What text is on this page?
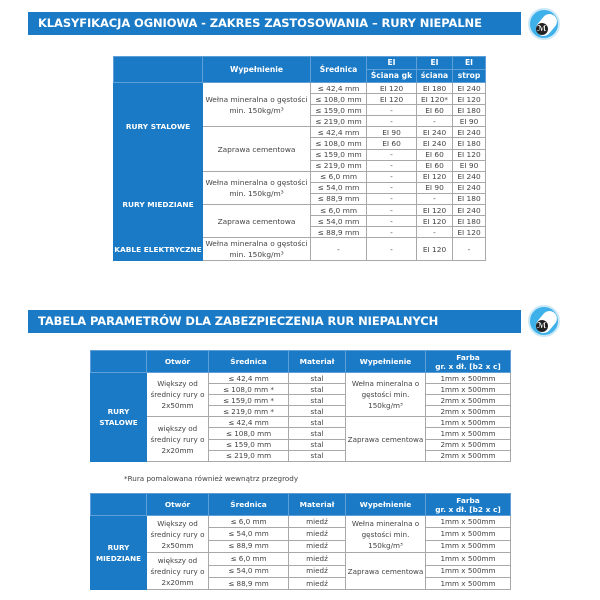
KLASYFIKACJA OGNIOWA - ZAKRES ZASTOSOWANIA – RURY NIEPALNE	ℳ
	Wypełnienie	Średnica	EI	EI	EI
			Ściana gk	ściana	strop
RURY STALOWE	Wełna mineralna o gęstości min. 150kg/m³	≤ 42,4 mm	EI 120	EI 180	EI 240
		≤ 108,0 mm	EI 120	EI 120*	EI 120
		≤ 159,0 mm	-	EI 60	EI 180
		≤ 219,0 mm	-	-	EI 90
	Zaprawa cementowa	≤ 42,4 mm	EI 90	EI 240	EI 240
		≤ 108,0 mm	EI 60	EI 240	EI 180
		≤ 159,0 mm	-	EI 60	EI 120
		≤ 219,0 mm	-	EI 60	EI 90
RURY MIEDZIANE	Wełna mineralna o gęstości min. 150kg/m³	≤ 6,0 mm	-	EI 120	EI 240
		≤ 54,0 mm	-	EI 90	EI 240
		≤ 88,9 mm	-	-	EI 180
	Zaprawa cementowa	≤ 6,0 mm	-	EI 120	EI 240
		≤ 54,0 mm	-	EI 120	EI 180
		≤ 88,9 mm	-	-	EI 120
KABLE ELEKTRYCZNE	Wełna mineralna o gęstości min. 150kg/m³	-	-	EI 120	-
TABELA PARAMETRÓW DLA ZABEZPIECZENIA RUR NIEPALNYCH	ℳ
	Otwór	Średnica	Materiał	Wypełnienie	Farba
gr. x dł. [b2 x c]

RURY STALOWE	Większy od średnicy rury o 2x50mm	≤ 42,4 mm	stal	Wełna mineralna o gęstości min. 150kg/m³	1mm x 500mm
		≤ 108,0 mm *	stal		1mm x 500mm
		≤ 159,0 mm *	stal		2mm x 500mm
		≤ 219,0 mm *	stal		2mm x 500mm
	większy od średnicy rury o 2x20mm	≤ 42,4 mm	stal	Zaprawa cementowa	1mm x 500mm
		≤ 108,0 mm	stal		1mm x 500mm
		≤ 159,0 mm	stal		2mm x 500mm
		≤ 219,0 mm	stal		2mm x 500mm
*Rura pomalowana również wewnątrz przegrody
	Otwór	Średnica	Materiał	Wypełnienie	Farba
gr. x dł. [b2 x c]

RURY MIEDZIANE	Większy od średnicy rury o 2x50mm	≤ 6,0 mm	miedź	Wełna mineralna o gęstości min. 150kg/m³	1mm x 500mm
		≤ 54,0 mm	miedź		1mm x 500mm
		≤ 88,9 mm	miedź		1mm x 500mm
	większy od średnicy rury o 2x20mm	≤ 6,0 mm	miedź	Zaprawa cementowa	1mm x 500mm
		≤ 54,0 mm	miedź		1mm x 500mm
		≤ 88,9 mm	miedź		1mm x 500mm
